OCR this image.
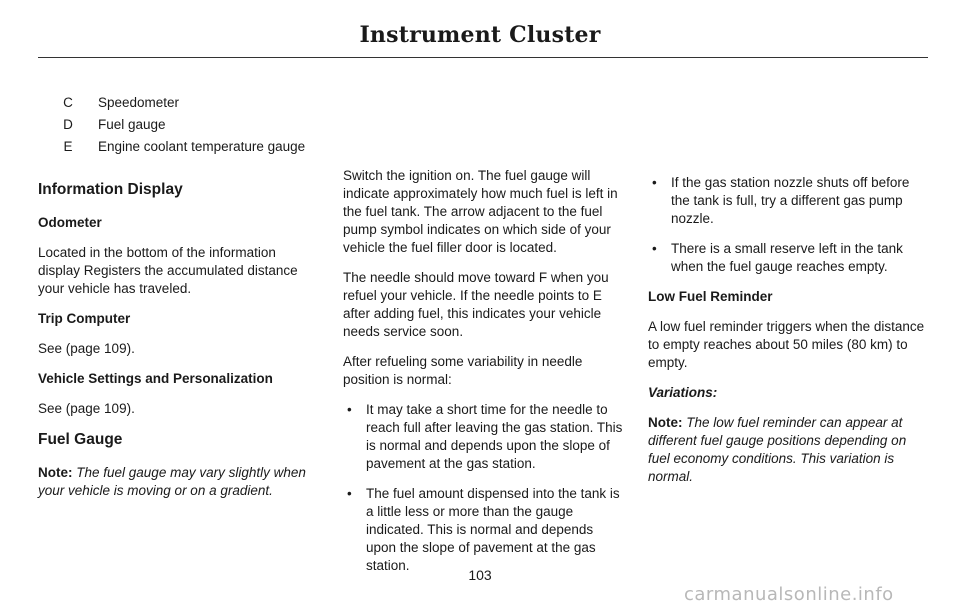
Instrument Cluster
C Speedometer
D Fuel gauge
E Engine coolant temperature gauge
Information Display
Odometer
Located in the bottom of the information display Registers the accumulated distance your vehicle has traveled.
Trip Computer
See (page 109).
Vehicle Settings and Personalization
See (page 109).
Fuel Gauge
Note: The fuel gauge may vary slightly when your vehicle is moving or on a gradient.
Switch the ignition on. The fuel gauge will indicate approximately how much fuel is left in the fuel tank. The arrow adjacent to the fuel pump symbol indicates on which side of your vehicle the fuel filler door is located.
The needle should move toward F when you refuel your vehicle. If the needle points to E after adding fuel, this indicates your vehicle needs service soon.
After refueling some variability in needle position is normal:
• It may take a short time for the needle to reach full after leaving the gas station. This is normal and depends upon the slope of pavement at the gas station.
• The fuel amount dispensed into the tank is a little less or more than the gauge indicated. This is normal and depends upon the slope of pavement at the gas station.
• If the gas station nozzle shuts off before the tank is full, try a different gas pump nozzle.
• There is a small reserve left in the tank when the fuel gauge reaches empty.
Low Fuel Reminder
A low fuel reminder triggers when the distance to empty reaches about 50 miles (80 km) to empty.
Variations:
Note: The low fuel reminder can appear at different fuel gauge positions depending on fuel economy conditions. This variation is normal.
103
carmanualsonline.info
